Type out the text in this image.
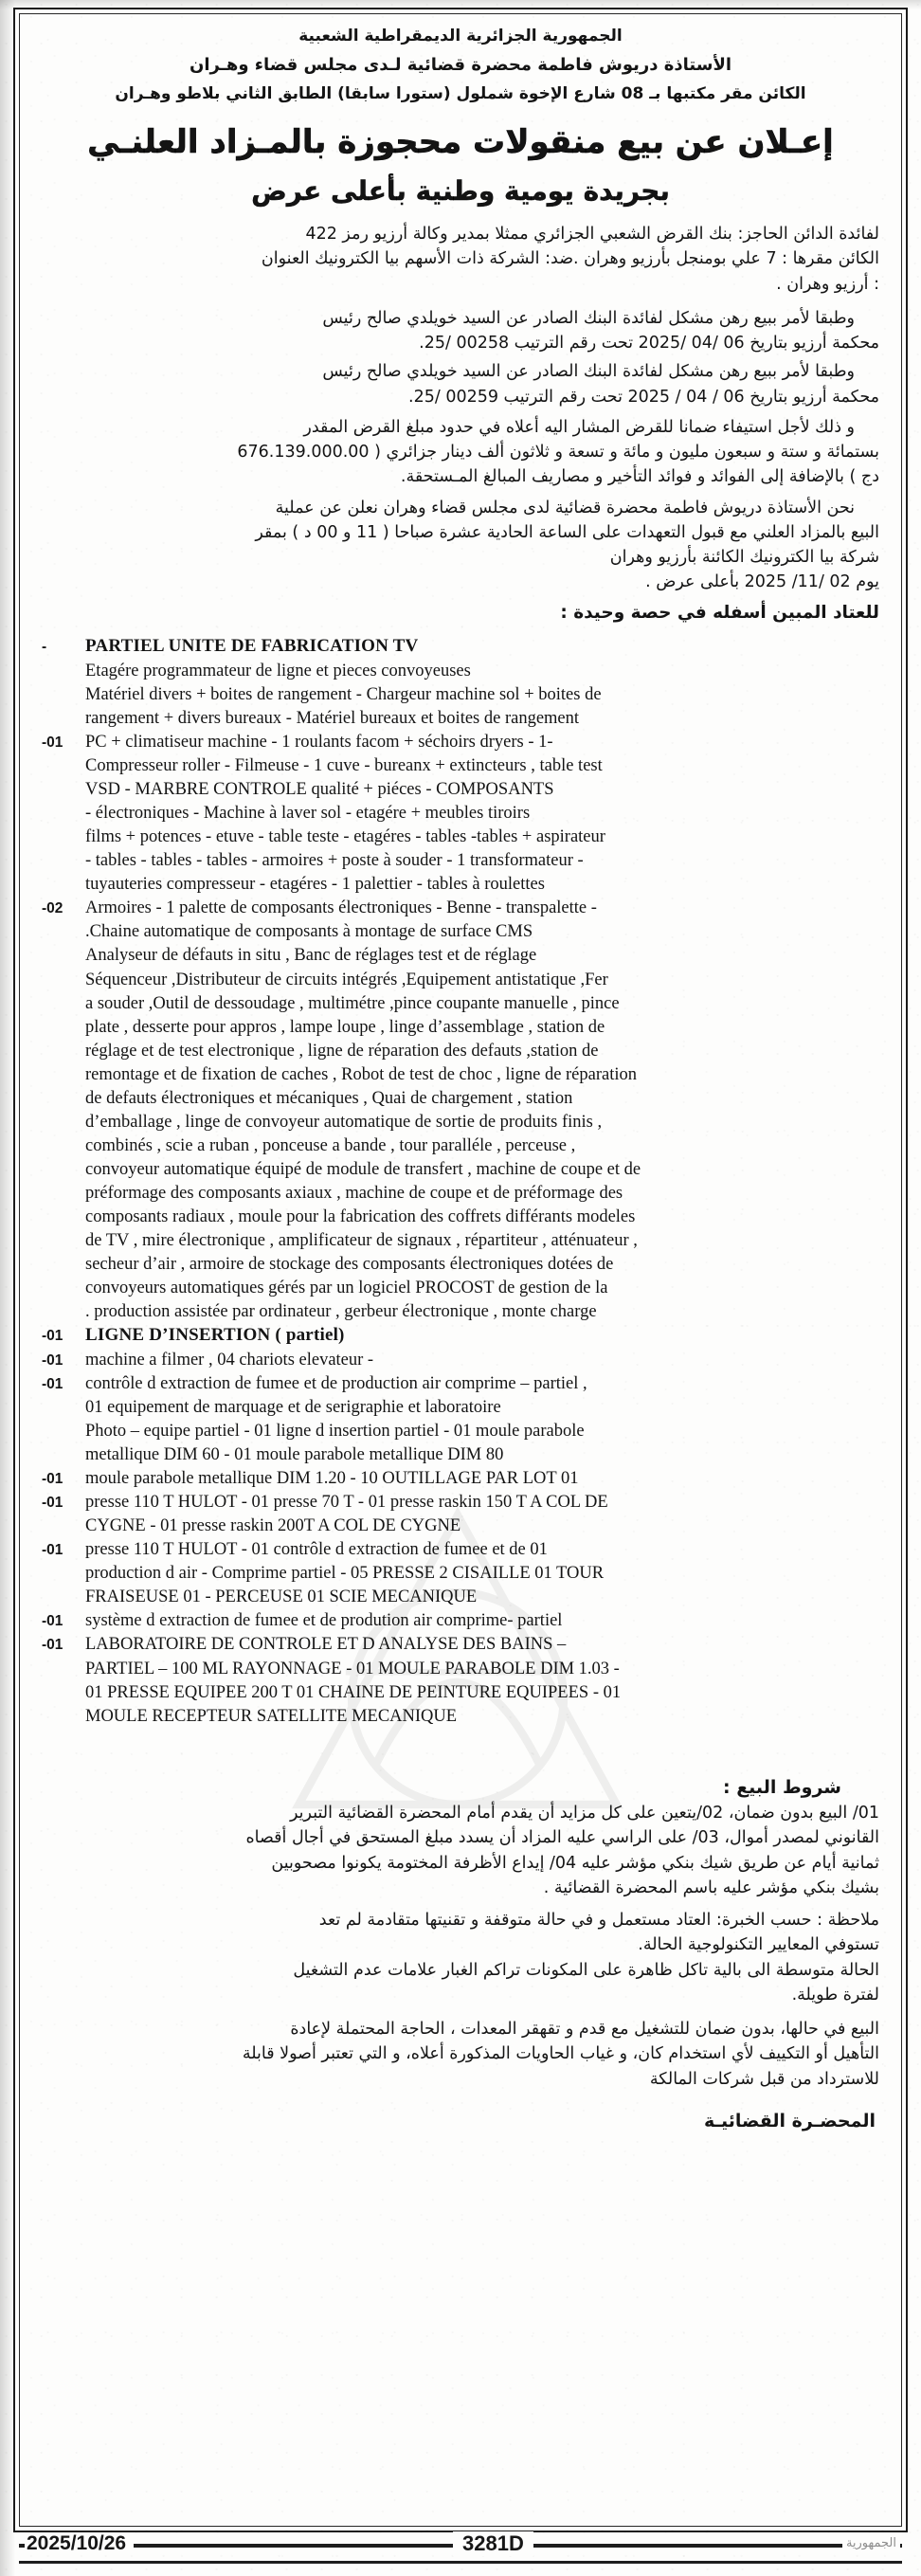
الجمهورية الجزائرية الديمقراطية الشعبية
الأستاذة دريوش فاطمة محضرة قضائية لـدى مجلس قضاء وهـران
الكائن مقر مكتبها بـ 08 شارع الإخوة شملول (ستورا سابقا) الطابق الثاني بلاطو وهـران
إعـلان عن بيع منقولات محجوزة بالمـزاد العلنـي
بجريدة يومية وطنية بأعلى عرض
لفائدة الدائن الحاجز: بنك القرض الشعبي الجزائري ممثلا بمدير وكالة أرزيو رمز 422
الكائن مقرها : 7 علي بومنجل بأرزيو وهران .ضد: الشركة ذات الأسهم بيا الكترونيك العنوان
: أرزيو وهران .
وطبقا لأمر ببيع رهن مشكل لفائدة البنك الصادر عن السيد خويلدي صالح رئيس
محكمة أرزيو بتاريخ 06 /04 /2025 تحت رقم الترتيب 00258 /25.
وطبقا لأمر ببيع رهن مشكل لفائدة البنك الصادر عن السيد خويلدي صالح رئيس
محكمة أرزيو بتاريخ 06 / 04 / 2025 تحت رقم الترتيب 00259 /25.
و ذلك لأجل استيفاء ضمانا للقرض المشار اليه أعلاه في حدود مبلغ القرض المقدر
بستمائة و ستة و سبعون مليون و مائة و تسعة و ثلاثون ألف دينار جزائري ( 676.139.000.00
دج ) بالإضافة إلى الفوائد و فوائد التأخير و مصاريف المبالغ المـستحقة.
نحن الأستاذة دريوش فاطمة محضرة قضائية لدى مجلس قضاء وهران نعلن عن عملية
البيع بالمزاد العلني مع قبول التعهدات على الساعة الحادية عشرة صباحا ( 11 و 00 د ) بمقر
شركة بيا الكترونيك الكائنة بأرزيو وهران
يوم 02 /11/ 2025 بأعلى عرض .
للعتاد المبين أسفله في حصة وحيدة :
-	PARTIEL UNITE DE FABRICATION TV
Etagére programmateur de ligne et pieces convoyeuses
Matériel divers + boites de rangement - Chargeur machine sol + boites de
rangement + divers bureaux - Matériel bureaux et boites de rangement
-01	PC + climatiseur machine - 1 roulants facom + séchoirs dryers - 1-
Compresseur roller - Filmeuse - 1 cuve - bureanx + extincteurs , table test
VSD - MARBRE CONTROLE qualité + piéces - COMPOSANTS
- électroniques - Machine à laver sol - etagére + meubles tiroirs
films + potences - etuve - table teste - etagéres - tables -tables + aspirateur
- tables - tables - tables - armoires + poste à souder - 1 transformateur -
tuyauteries compresseur - etagéres - 1 palettier - tables à roulettes
-02	Armoires - 1 palette de composants électroniques - Benne - transpalette -
.Chaine automatique de composants à montage de surface CMS
Analyseur de défauts in situ , Banc de réglages test et de réglage
Séquenceur ,Distributeur de circuits intégrés ,Equipement antistatique ,Fer
a souder ,Outil de dessoudage , multimétre ,pince coupante manuelle , pince
plate , desserte pour appros , lampe loupe , linge d’assemblage , station de
réglage et de test electronique , ligne de réparation des defauts ,station de
remontage et de fixation de caches , Robot de test de choc , ligne de réparation
de defauts électroniques et mécaniques , Quai de chargement , station
d’emballage , linge de convoyeur automatique de sortie de produits finis ,
combinés , scie a ruban , ponceuse a bande , tour paralléle , perceuse ,
convoyeur automatique équipé de module de transfert , machine de coupe et de
préformage des composants axiaux , machine de coupe et de préformage des
composants radiaux , moule pour la fabrication des coffrets différants modeles
de TV , mire électronique , amplificateur de signaux , répartiteur , atténuateur ,
secheur d’air , armoire de stockage des composants électroniques dotées de
convoyeurs automatiques gérés par un logiciel PROCOST de gestion de la
. production assistée par ordinateur , gerbeur électronique , monte charge
-01	LIGNE D’INSERTION ( partiel)
-01	machine a filmer , 04 chariots elevateur -
-01	contrôle d extraction de fumee et de production air comprime – partiel ,
01 equipement de marquage et de serigraphie et laboratoire
Photo – equipe partiel - 01 ligne d insertion partiel - 01 moule parabole
metallique DIM 60 - 01 moule parabole metallique DIM 80
-01	moule parabole metallique DIM 1.20 - 10 OUTILLAGE PAR LOT 01
-01	presse 110 T HULOT - 01 presse 70 T - 01 presse raskin 150 T A COL DE
CYGNE - 01 presse raskin 200T A COL DE CYGNE
-01	presse 110 T HULOT - 01 contrôle d extraction de fumee et de 01
production d air - Comprime partiel - 05 PRESSE 2 CISAILLE 01 TOUR
FRAISEUSE 01 - PERCEUSE 01 SCIE MECANIQUE
-01	système d extraction de fumee et de prodution air comprime- partiel
-01	LABORATOIRE DE CONTROLE ET D ANALYSE DES BAINS –
PARTIEL – 100 ML RAYONNAGE - 01 MOULE PARABOLE DIM 1.03 -
01 PRESSE EQUIPEE 200 T 01 CHAINE DE PEINTURE EQUIPEES - 01
MOULE RECEPTEUR SATELLITE MECANIQUE
شروط البيع :
01/ البيع بدون ضمان، 02/يتعين على كل مزايد أن يقدم أمام المحضرة القضائية التبرير
القانوني لمصدر أموال، 03/ على الراسي عليه المزاد أن يسدد مبلغ المستحق في أجال أقصاه
ثمانية أيام عن طريق شيك بنكي مؤشر عليه 04/ إيداع الأظرفة المختومة يكونوا مصحوبين
بشيك بنكي مؤشر عليه باسم المحضرة القضائية .
ملاحظة : حسب الخبرة: العتاد مستعمل و في حالة متوقفة و تقنيتها متقادمة لم تعد
تستوفي المعايير التكنولوجية الحالة.
الحالة متوسطة الى بالية تاكل ظاهرة على المكونات تراكم الغبار علامات عدم التشغيل
لفترة طويلة.
البيع في حالها، بدون ضمان للتشغيل مع قدم و تقهقر المعدات ، الحاجة المحتملة لإعادة
التأهيل أو التكييف لأي استخدام كان، و غياب الحاويات المذكورة أعلاه، و التي تعتبر أصولا قابلة
للاسترداد من قبل شركات المالكة
المحضـرة القضائيـة
2025/10/26	3281D	الجمهورية
